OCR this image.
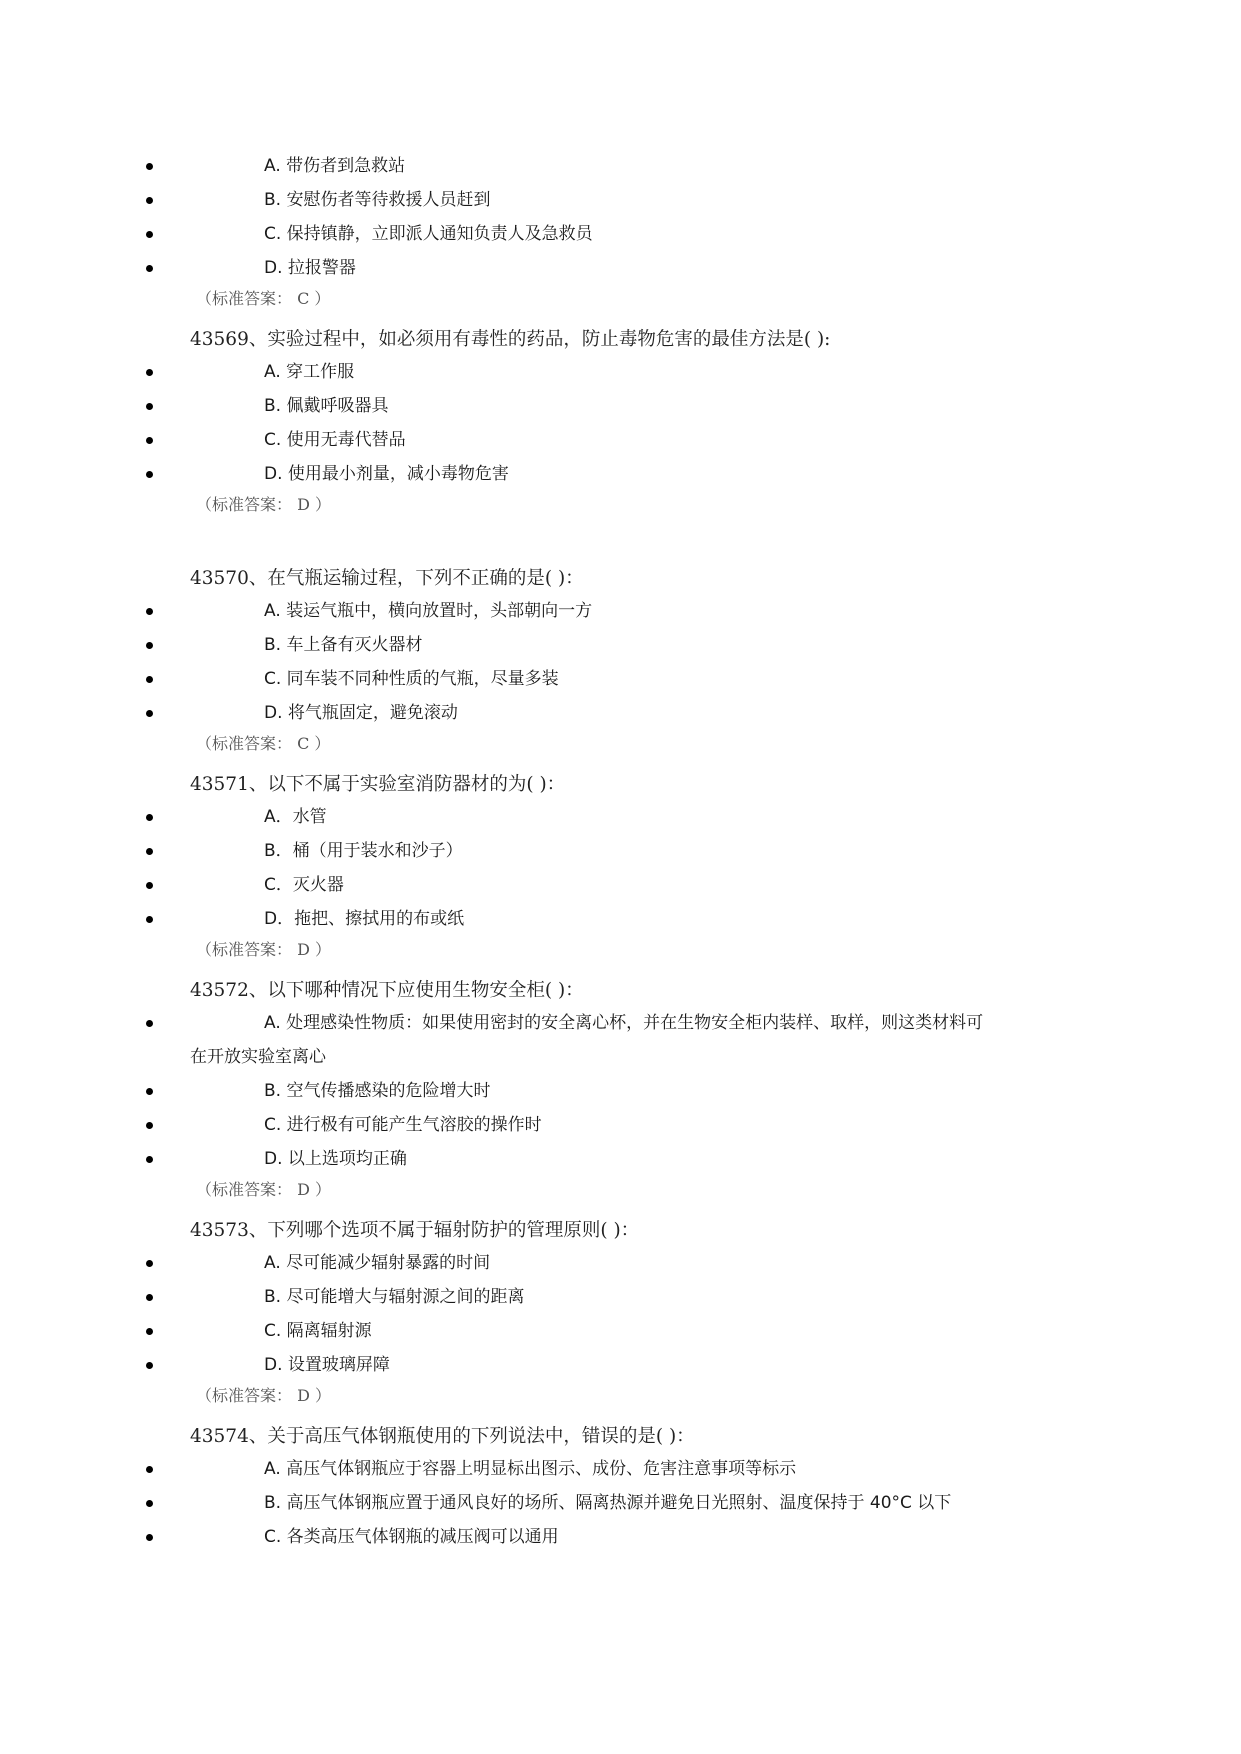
A. 带伤者到急救站
B. 安慰伤者等待救援人员赶到
C. 保持镇静，立即派人通知负责人及急救员
D. 拉报警器
（标准答案： C ）
43569、实验过程中，如必须用有毒性的药品，防止毒物危害的最佳方法是( ):
A. 穿工作服
B. 佩戴呼吸器具
C. 使用无毒代替品
D. 使用最小剂量，减小毒物危害
（标准答案： D ）
43570、在气瓶运输过程，下列不正确的是( )：
A. 装运气瓶中，横向放置时，头部朝向一方
B. 车上备有灭火器材
C. 同车装不同种性质的气瓶，尽量多装
D. 将气瓶固定，避免滚动
（标准答案： C ）
43571、以下不属于实验室消防器材的为( )：
A．水管
B．桶（用于装水和沙子）
C．灭火器
D．拖把、擦拭用的布或纸
（标准答案： D ）
43572、以下哪种情况下应使用生物安全柜( )：
A. 处理感染性物质：如果使用密封的安全离心杯，并在生物安全柜内装样、取样，则这类材料可
在开放实验室离心
B. 空气传播感染的危险增大时
C. 进行极有可能产生气溶胶的操作时
D. 以上选项均正确
（标准答案： D ）
43573、下列哪个选项不属于辐射防护的管理原则( )：
A. 尽可能减少辐射暴露的时间
B. 尽可能增大与辐射源之间的距离
C. 隔离辐射源
D. 设置玻璃屏障
（标准答案： D ）
43574、关于高压气体钢瓶使用的下列说法中，错误的是( )：
A. 高压气体钢瓶应于容器上明显标出图示、成份、危害注意事项等标示
B. 高压气体钢瓶应置于通风良好的场所、隔离热源并避免日光照射、温度保持于 40°C 以下
C. 各类高压气体钢瓶的减压阀可以通用
